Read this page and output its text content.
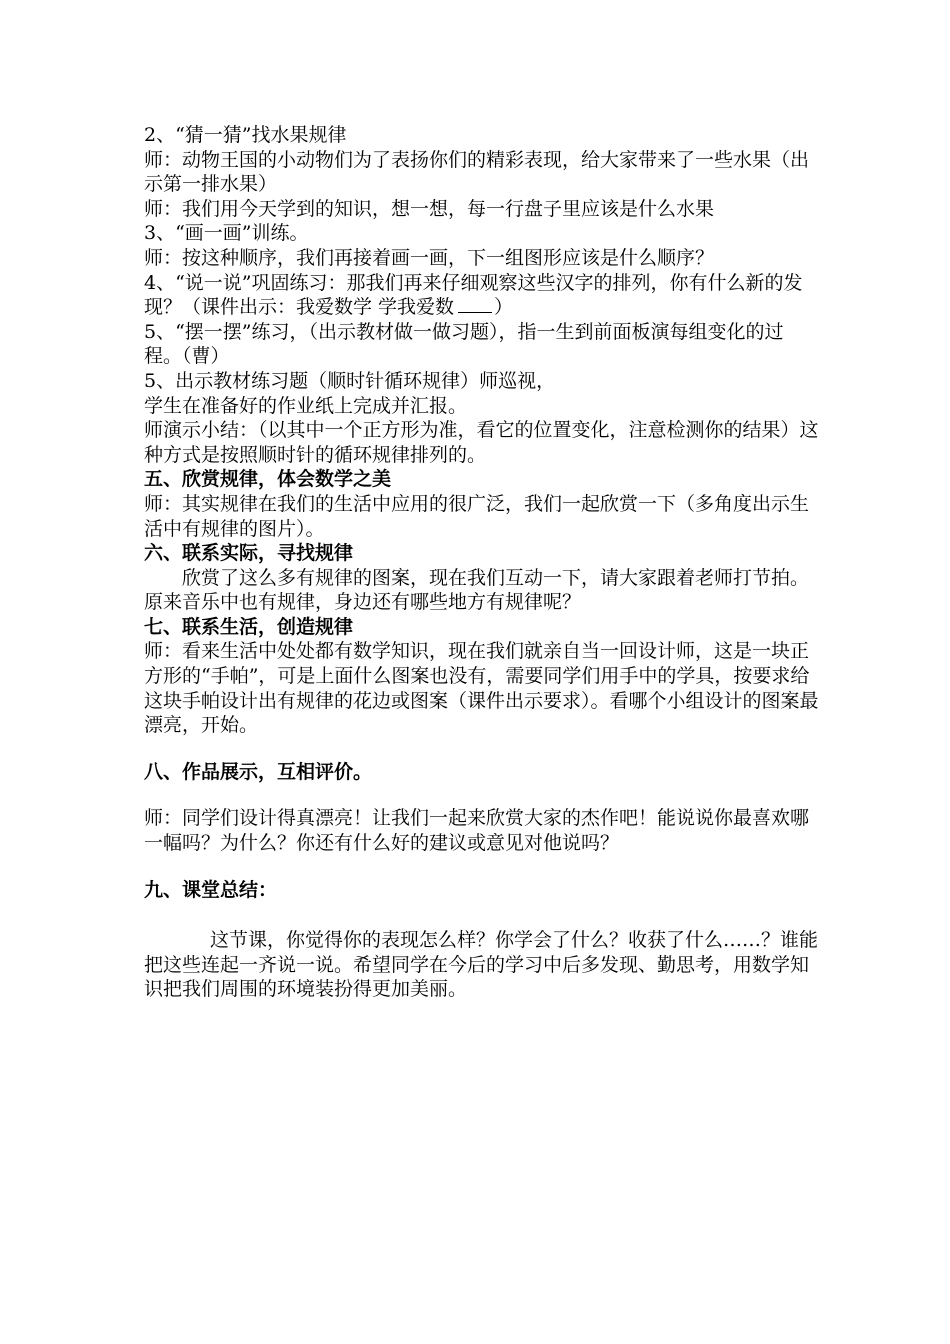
2、“猜一猜”找水果规律

师：动物王国的小动物们为了表扬你们的精彩表现，给大家带来了一些水果（出示第一排水果）

师：我们用今天学到的知识，想一想，每一行盘子里应该是什么水果

3、“画一画”训练。

师：按这种顺序，我们再接着画一画，下一组图形应该是什么顺序？

4、“说一说”巩固练习：那我们再来仔细观察这些汉字的排列，你有什么新的发现？（课件出示：我爱数学 学我爱数 ）

5、“摆一摆”练习，（出示教材做一做习题），指一生到前面板演每组变化的过程。（曹）

5、出示教材练习题（顺时针循环规律）师巡视，

学生在准备好的作业纸上完成并汇报。

师演示小结：（以其中一个正方形为准，看它的位置变化，注意检测你的结果）这种方式是按照顺时针的循环规律排列的。

五、欣赏规律，体会数学之美

师：其实规律在我们的生活中应用的很广泛，我们一起欣赏一下（多角度出示生活中有规律的图片）。

六、联系实际，寻找规律

欣赏了这么多有规律的图案，现在我们互动一下，请大家跟着老师打节拍。原来音乐中也有规律，身边还有哪些地方有规律呢？

七、联系生活，创造规律

师：看来生活中处处都有数学知识，现在我们就亲自当一回设计师，这是一块正方形的“手帕”，可是上面什么图案也没有，需要同学们用手中的学具，按要求给这块手帕设计出有规律的花边或图案（课件出示要求）。看哪个小组设计的图案最漂亮，开始。

八、作品展示，互相评价。

师：同学们设计得真漂亮！让我们一起来欣赏大家的杰作吧！能说说你最喜欢哪一幅吗？为什么？你还有什么好的建议或意见对他说吗？

九、课堂总结：

这节课，你觉得你的表现怎么样？你学会了什么？收获了什么……？谁能把这些连起一齐说一说。希望同学在今后的学习中后多发现、勤思考，用数学知识把我们周围的环境装扮得更加美丽。
